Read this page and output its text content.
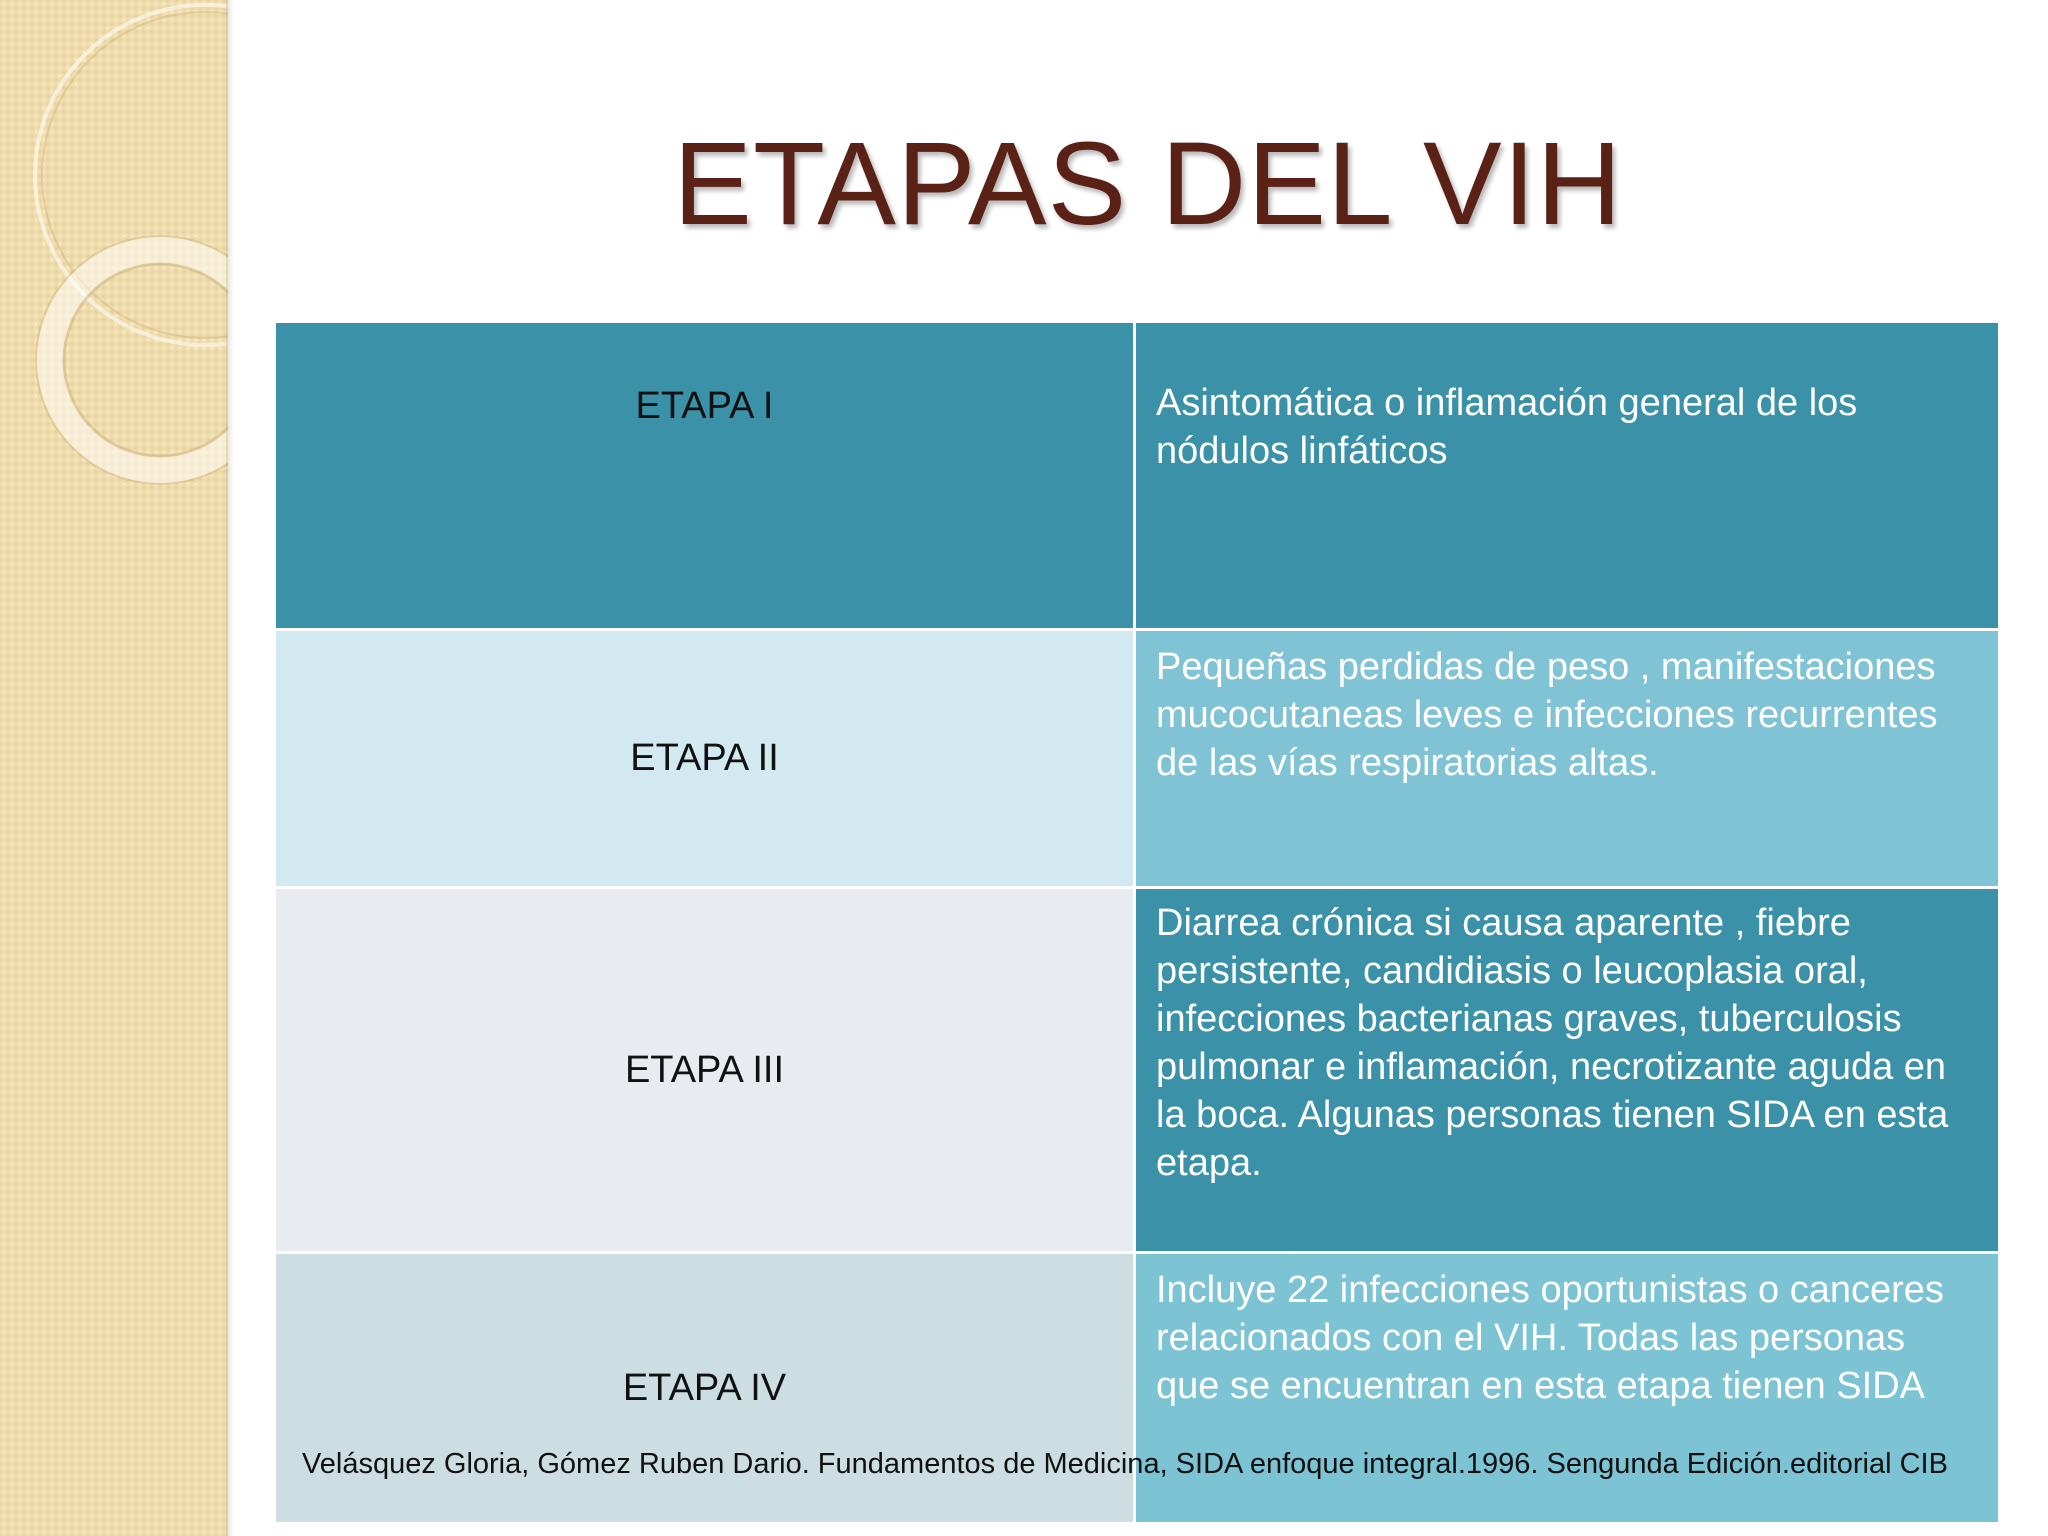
ETAPAS DEL VIH
ETAPA I	Asintomática o inflamación general de los nódulos linfáticos
ETAPA II	Pequeñas perdidas de peso , manifestaciones mucocutaneas leves e infecciones recurrentes de las vías respiratorias altas.
ETAPA III	Diarrea crónica si causa aparente , fiebre persistente, candidiasis o leucoplasia oral, infecciones bacterianas graves, tuberculosis pulmonar e inflamación, necrotizante aguda en la boca. Algunas personas tienen SIDA en esta etapa.
ETAPA IV	Incluye 22 infecciones oportunistas o canceres relacionados con el VIH. Todas las personas que se encuentran en esta etapa tienen SIDA
Velásquez Gloria, Gómez Ruben Dario. Fundamentos de Medicina, SIDA enfoque integral.1996. Sengunda Edición.editorial CIB
